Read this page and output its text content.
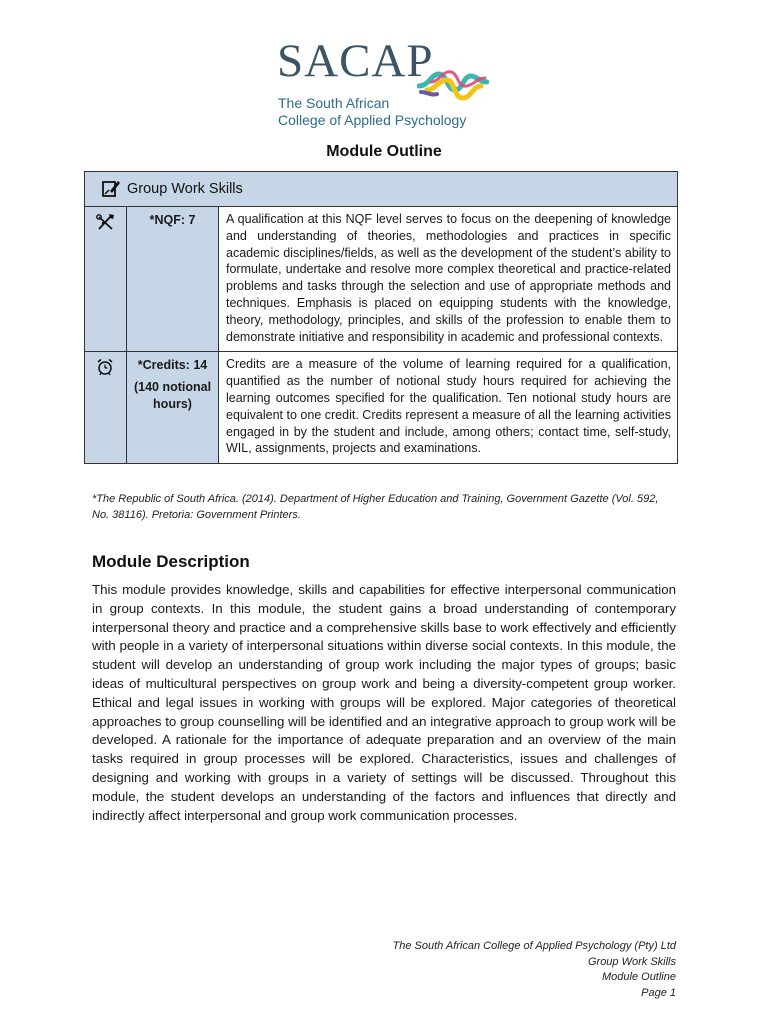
SACAP
The South African
College of Applied Psychology
Module Outline
Group Work Skills		

*NQF: 7	A qualification at this NQF level serves to focus on the deepening of knowledge and understanding of theories, methodologies and practices in specific academic disciplines/fields, as well as the development of the student’s ability to formulate, undertake and resolve more complex theoretical and practice-related problems and tasks through the selection and use of appropriate methods and techniques. Emphasis is placed on equipping students with the knowledge, theory, methodology, principles, and skills of the profession to enable them to demonstrate initiative and responsibility in academic and professional contexts.

*Credits: 14
(140 notional hours)	Credits are a measure of the volume of learning required for a qualification, quantified as the number of notional study hours required for achieving the learning outcomes specified for the qualification. Ten notional study hours are equivalent to one credit. Credits represent a measure of all the learning activities engaged in by the student and include, among others; contact time, self-study, WIL, assignments, projects and examinations.
*The Republic of South Africa. (2014). Department of Higher Education and Training, Government Gazette (Vol. 592, No. 38116). Pretoria: Government Printers.
Module Description

This module provides knowledge, skills and capabilities for effective interpersonal communication in group contexts. In this module, the student gains a broad understanding of contemporary interpersonal theory and practice and a comprehensive skills base to work effectively and efficiently with people in a variety of interpersonal situations within diverse social contexts. In this module, the student will develop an understanding of group work including the major types of groups; basic ideas of multicultural perspectives on group work and being a diversity-competent group worker. Ethical and legal issues in working with groups will be explored. Major categories of theoretical approaches to group counselling will be identified and an integrative approach to group work will be developed. A rationale for the importance of adequate preparation and an overview of the main tasks required in group processes will be explored. Characteristics, issues and challenges of designing and working with groups in a variety of settings will be discussed. Throughout this module, the student develops an understanding of the factors and influences that directly and indirectly affect interpersonal and group work communication processes.

The South African College of Applied Psychology (Pty) Ltd
Group Work Skills
Module Outline
Page 1
